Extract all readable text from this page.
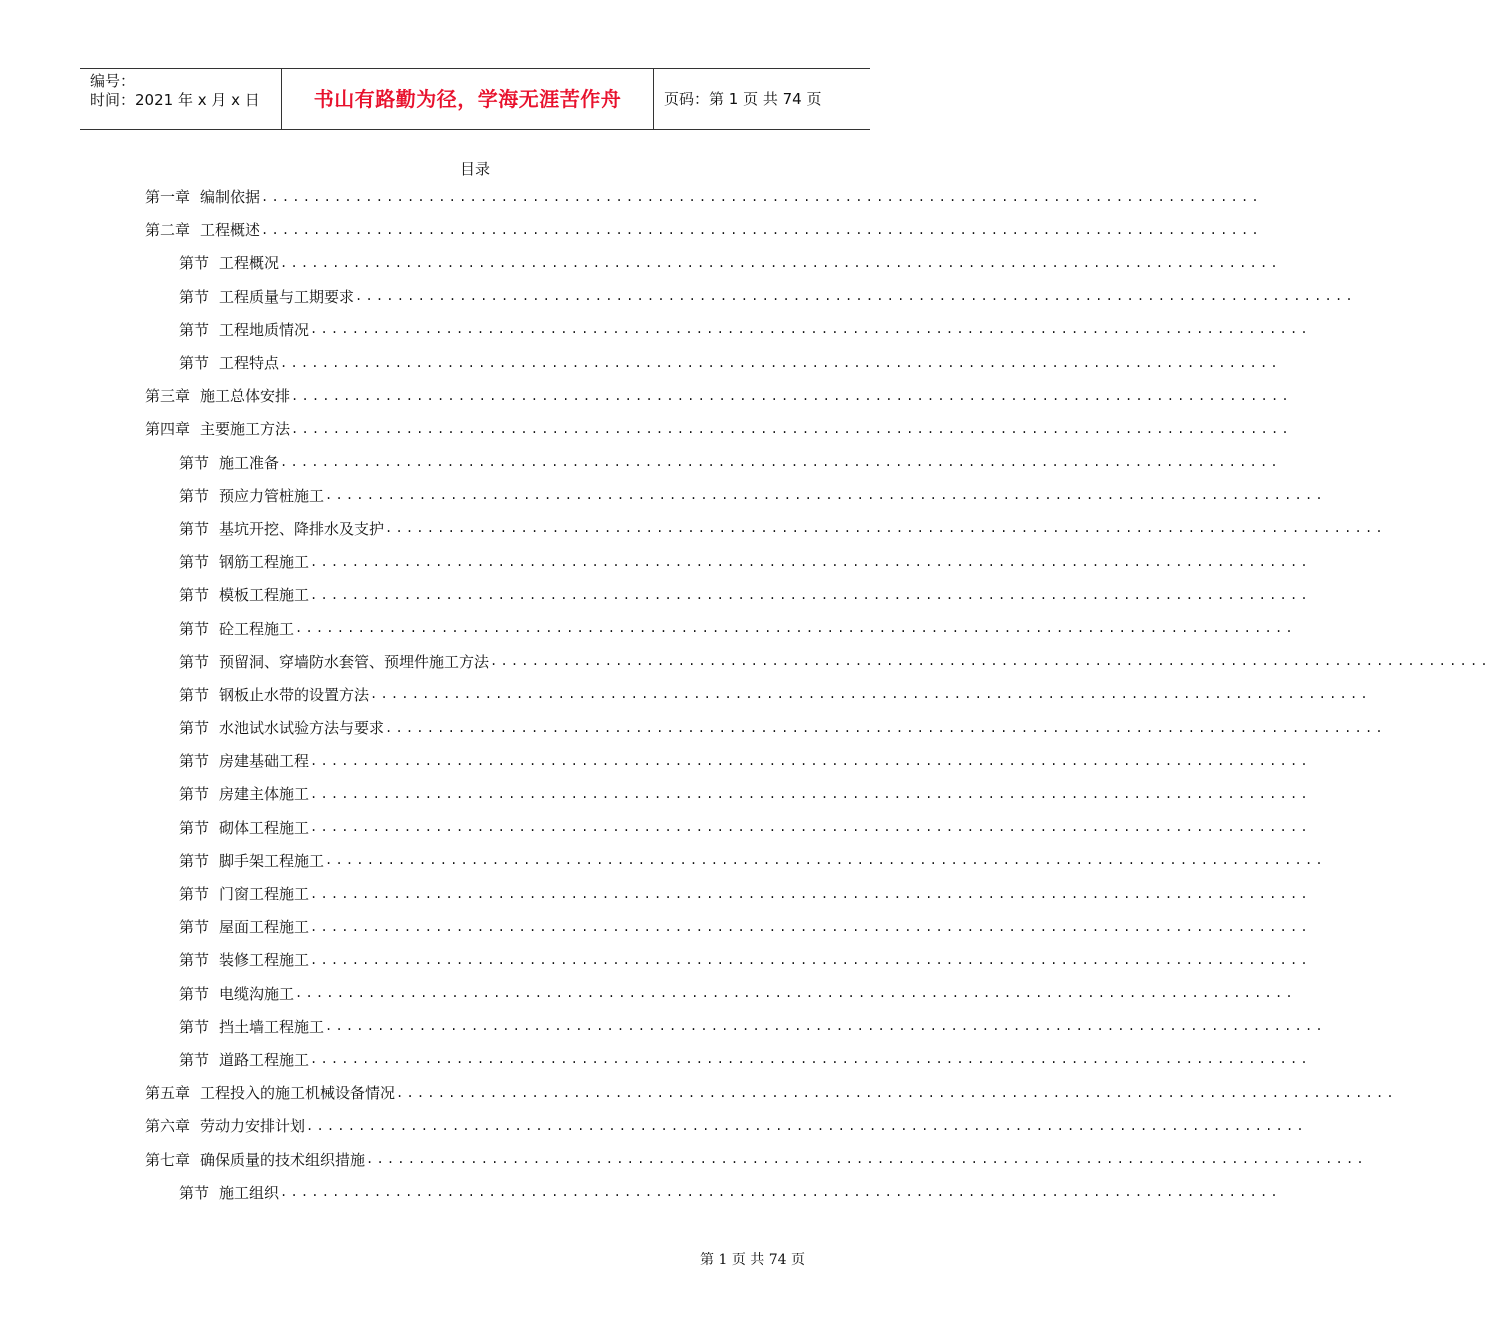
编号：
时间：2021 年 x 月 x 日	书山有路勤为径，学海无涯苦作舟	页码：第 1 页 共 74 页
目录
第一章 编制依据 ................................................................................................
第二章 工程概述 ................................................................................................
第节 工程概况 ................................................................................................
第节 工程质量与工期要求 ................................................................................................
第节 工程地质情况 ................................................................................................
第节 工程特点 ................................................................................................
第三章 施工总体安排 ................................................................................................
第四章 主要施工方法 ................................................................................................
第节 施工准备 ................................................................................................
第节 预应力管桩施工 ................................................................................................
第节 基坑开挖、降排水及支护 ................................................................................................
第节 钢筋工程施工 ................................................................................................
第节 模板工程施工 ................................................................................................
第节 砼工程施工 ................................................................................................
第节 预留洞、穿墙防水套管、预埋件施工方法 ................................................................................................
第节 钢板止水带的设置方法 ................................................................................................
第节 水池试水试验方法与要求 ................................................................................................
第节 房建基础工程 ................................................................................................
第节 房建主体施工 ................................................................................................
第节 砌体工程施工 ................................................................................................
第节 脚手架工程施工 ................................................................................................
第节 门窗工程施工 ................................................................................................
第节 屋面工程施工 ................................................................................................
第节 装修工程施工 ................................................................................................
第节 电缆沟施工 ................................................................................................
第节 挡土墙工程施工 ................................................................................................
第节 道路工程施工 ................................................................................................
第五章 工程投入的施工机械设备情况 ................................................................................................
第六章 劳动力安排计划 ................................................................................................
第七章 确保质量的技术组织措施 ................................................................................................
第节 施工组织 ................................................................................................
第 1 页 共 74 页
